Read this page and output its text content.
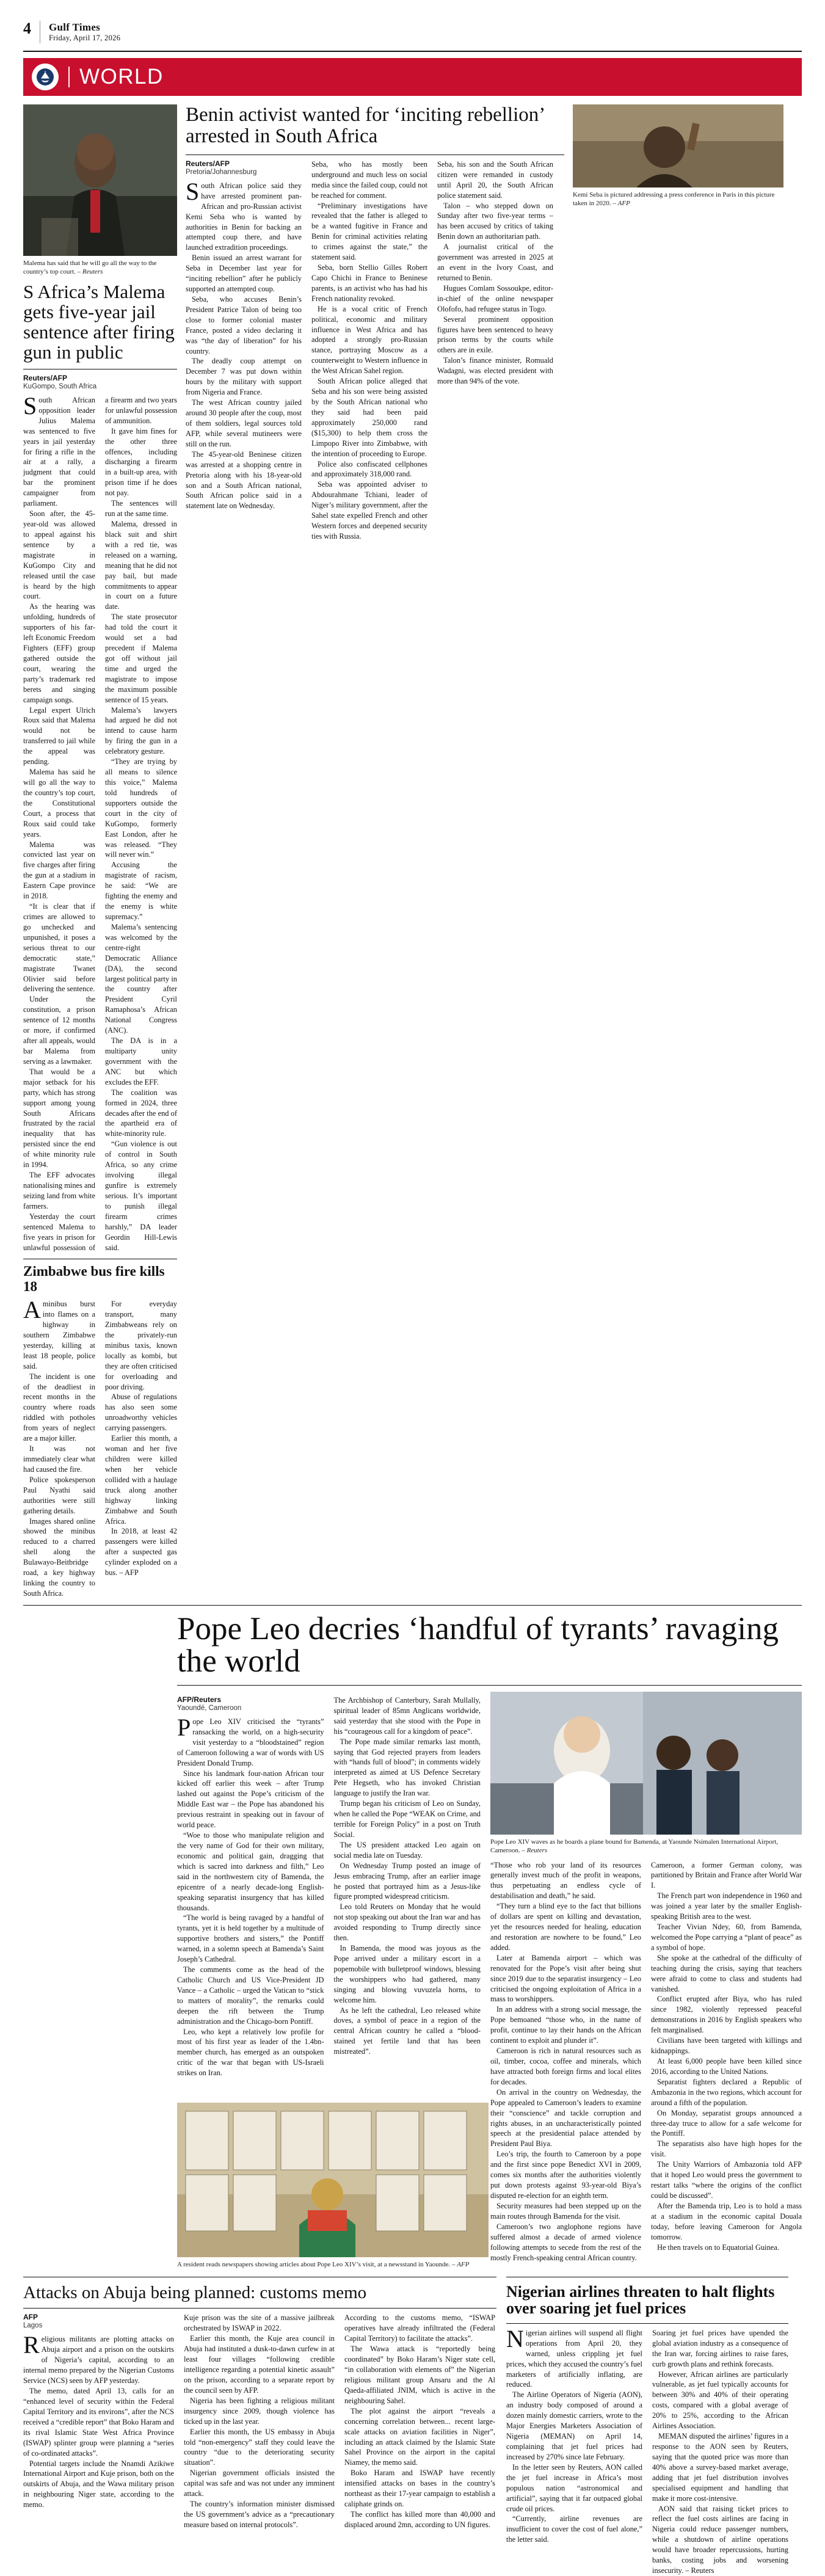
4	Gulf Times
Friday, April 17, 2026
WORLD
Malema has said that he will go all the way to the country’s top court. – Reuters
S Africa’s Malema gets five-year jail sentence after firing gun in public
Reuters/AFP
KuGompo, South Africa

South African opposition leader Julius Malema was sentenced to five years in jail yesterday for firing a rifle in the air at a rally, a judgment that could bar the prominent campaigner from parliament.

Soon after, the 45-year-old was allowed to appeal against his sentence by a magistrate in KuGompo City and released until the case is heard by the high court.

As the hearing was unfolding, hundreds of supporters of his far-left Economic Freedom Fighters (EFF) group gathered outside the court, wearing the party’s trademark red berets and singing campaign songs.

Legal expert Ulrich Roux said that Malema would not be transferred to jail while the appeal was pending.

Malema has said he will go all the way to the country’s top court, the Constitutional Court, a process that Roux said could take years.

Malema was convicted last year on five charges after firing the gun at a stadium in Eastern Cape province in 2018.

“It is clear that if crimes are allowed to go unchecked and unpunished, it poses a serious threat to our democratic state,” magistrate Twanet Olivier said before delivering the sentence.

Under the constitution, a prison sentence of 12 months or more, if confirmed after all appeals, would bar Malema from serving as a lawmaker.

That would be a major setback for his party, which has strong support among young South Africans frustrated by the racial inequality that has persisted since the end of white minority rule in 1994.

The EFF advocates nationalising mines and seizing land from white farmers.

Yesterday the court sentenced Malema to five years in prison for unlawful possession of a firearm and two years for unlawful possession of ammunition.

It gave him fines for the other three offences, including discharging a firearm in a built-up area, with prison time if he does not pay.

The sentences will run at the same time.

Malema, dressed in black suit and shirt with a red tie, was released on a warning, meaning that he did not pay bail, but made commitments to appear in court on a future date.

The state prosecutor had told the court it would set a bad precedent if Malema got off without jail time and urged the magistrate to impose the maximum possible sentence of 15 years.

Malema’s lawyers had argued he did not intend to cause harm by firing the gun in a celebratory gesture.

“They are trying by all means to silence this voice,” Malema told hundreds of supporters outside the court in the city of KuGompo, formerly East London, after he was released. “They will never win.”

Accusing the magistrate of racism, he said: “We are fighting the enemy and the enemy is white supremacy.”

Malema’s sentencing was welcomed by the centre-right Democratic Alliance (DA), the second largest political party in the country after President Cyril Ramaphosa’s African National Congress (ANC).

The DA is in a multiparty unity government with the ANC but which excludes the EFF.

The coalition was formed in 2024, three decades after the end of the apartheid era of white-minority rule.

“Gun violence is out of control in South Africa, so any crime involving illegal gunfire is extremely serious. It’s important to punish illegal firearm crimes harshly,” DA leader Geordin Hill-Lewis said.

Zimbabwe bus fire kills 18

Aminibus burst into flames on a highway in southern Zimbabwe yesterday, killing at least 18 people, police said.

The incident is one of the deadliest in recent months in the country where roads riddled with potholes from years of neglect are a major killer.

It was not immediately clear what had caused the fire.

Police spokesperson Paul Nyathi said authorities were still gathering details.

Images shared online showed the minibus reduced to a charred shell along the Bulawayo-Beitbridge road, a key highway linking the country to South Africa.

For everyday transport, many Zimbabweans rely on the privately-run minibus taxis, known locally as kombi, but they are often criticised for overloading and poor driving.

Abuse of regulations has also seen some unroadworthy vehicles carrying passengers.

Earlier this month, a woman and her five children were killed when her vehicle collided with a haulage truck along another highway linking Zimbabwe and South Africa.

In 2018, at least 42 passengers were killed after a suspected gas cylinder exploded on a bus. – AFP

Benin activist wanted for ‘inciting rebellion’ arrested in South Africa
Reuters/AFP
Pretoria/Johannesburg

South African police said they have arrested prominent pan-African and pro-Russian activist Kemi Seba who is wanted by authorities in Benin for backing an attempted coup there, and have launched extradition proceedings.

Benin issued an arrest warrant for Seba in December last year for “inciting rebellion” after he publicly supported an attempted coup.

Seba, who accuses Benin’s President Patrice Talon of being too close to former colonial master France, posted a video declaring it was “the day of liberation” for his country.

The deadly coup attempt on December 7 was put down within hours by the military with support from Nigeria and France.

The west African country jailed around 30 people after the coup, most of them soldiers, legal sources told AFP, while several mutineers were still on the run.

The 45-year-old Beninese citizen was arrested at a shopping centre in Pretoria along with his 18-year-old son and a South African national, South African police said in a statement late on Wednesday.

Seba, who has mostly been underground and much less on social media since the failed coup, could not be reached for comment.

“Preliminary investigations have revealed that the father is alleged to be a wanted fugitive in France and Benin for criminal activities relating to crimes against the state,” the statement said.

Seba, born Stellio Gilles Robert Capo Chichi in France to Beninese parents, is an activist who has had his French nationality revoked.

He is a vocal critic of French political, economic and military influence in West Africa and has adopted a strongly pro-Russian stance, portraying Moscow as a counterweight to Western influence in the West African Sahel region.

South African police alleged that Seba and his son were being assisted by the South African national who they said had been paid approximately 250,000 rand ($15,300) to help them cross the Limpopo River into Zimbabwe, with the intention of proceeding to Europe.

Police also confiscated cellphones and approximately 318,000 rand.

Seba was appointed adviser to Abdourahmane Tchiani, leader of Niger’s military government, after the Sahel state expelled French and other Western forces and deepened security ties with Russia.

Seba, his son and the South African citizen were remanded in custody until April 20, the South African police statement said.

Talon – who stepped down on Sunday after two five-year terms – has been accused by critics of taking Benin down an authoritarian path.

A journalist critical of the government was arrested in 2025 at an event in the Ivory Coast, and returned to Benin.

Hugues Comlam Sossoukpe, editor-in-chief of the online newspaper Olofofo, had refugee status in Togo.

Several prominent opposition figures have been sentenced to heavy prison terms by the courts while others are in exile.

Talon’s finance minister, Romuald Wadagni, was elected president with more than 94% of the vote.

Kemi Seba is pictured addressing a press conference in Paris in this picture taken in 2020. – AFP
Pope Leo decries ‘handful of tyrants’ ravaging the world
AFP/Reuters
Yaoundé, Cameroon

Pope Leo XIV criticised the “tyrants” ransacking the world, on a high-security visit yesterday to a “bloodstained” region of Cameroon following a war of words with US President Donald Trump.

Since his landmark four-nation African tour kicked off earlier this week – after Trump lashed out against the Pope’s criticism of the Middle East war – the Pope has abandoned his previous restraint in speaking out in favour of world peace.

“Woe to those who manipulate religion and the very name of God for their own military, economic and political gain, dragging that which is sacred into darkness and filth,” Leo said in the northwestern city of Bamenda, the epicentre of a nearly decade-long English-speaking separatist insurgency that has killed thousands.

“The world is being ravaged by a handful of tyrants, yet it is held together by a multitude of supportive brothers and sisters,” the Pontiff warned, in a solemn speech at Bamenda’s Saint Joseph’s Cathedral.

The comments come as the head of the Catholic Church and US Vice-President JD Vance – a Catholic – urged the Vatican to “stick to matters of morality”, the remarks could deepen the rift between the Trump administration and the Chicago-born Pontiff.

Leo, who kept a relatively low profile for most of his first year as leader of the 1.4bn-member church, has emerged as an outspoken critic of the war that began with US-Israeli strikes on Iran.

The Archbishop of Canterbury, Sarah Mullally, spiritual leader of 85mn Anglicans worldwide, said yesterday that she stood with the Pope in his “courageous call for a kingdom of peace”.

The Pope made similar remarks last month, saying that God rejected prayers from leaders with “hands full of blood”; in comments widely interpreted as aimed at US Defence Secretary Pete Hegseth, who has invoked Christian language to justify the Iran war.

Trump began his criticism of Leo on Sunday, when he called the Pope “WEAK on Crime, and terrible for Foreign Policy” in a post on Truth Social.

The US president attacked Leo again on social media late on Tuesday.

On Wednesday Trump posted an image of Jesus embracing Trump, after an earlier image he posted that portrayed him as a Jesus-like figure prompted widespread criticism.

Leo told Reuters on Monday that he would not stop speaking out about the Iran war and has avoided responding to Trump directly since then.

In Bamenda, the mood was joyous as the Pope arrived under a military escort in a popemobile with bulletproof windows, blessing the worshippers who had gathered, many singing and blowing vuvuzela horns, to welcome him.

As he left the cathedral, Leo released white doves, a symbol of peace in a region of the central African country he called a “blood-stained yet fertile land that has been mistreated”.

Pope Leo XIV waves as he boards a plane bound for Bamenda, at Yaounde Nsimalen International Airport, Cameroon. – Reuters

“Those who rob your land of its resources generally invest much of the profit in weapons, thus perpetuating an endless cycle of destabilisation and death,” he said.

“They turn a blind eye to the fact that billions of dollars are spent on killing and devastation, yet the resources needed for healing, education and restoration are nowhere to be found,” Leo added.

Later at Bamenda airport – which was renovated for the Pope’s visit after being shut since 2019 due to the separatist insurgency – Leo criticised the ongoing exploitation of Africa in a mass to worshippers.

In an address with a strong social message, the Pope bemoaned “those who, in the name of profit, continue to lay their hands on the African continent to exploit and plunder it”.

Cameroon is rich in natural resources such as oil, timber, cocoa, coffee and minerals, which have attracted both foreign firms and local elites for decades.

On arrival in the country on Wednesday, the Pope appealed to Cameroon’s leaders to examine their “conscience” and tackle corruption and rights abuses, in an uncharacteristically pointed speech at the presidential palace attended by President Paul Biya.

Leo’s trip, the fourth to Cameroon by a pope and the first since pope Benedict XVI in 2009, comes six months after the authorities violently put down protests against 93-year-old Biya’s disputed re-election for an eighth term.

Security measures had been stepped up on the main routes through Bamenda for the visit.

Cameroon’s two anglophone regions have suffered almost a decade of armed violence following attempts to secede from the rest of the mostly French-speaking central African country.

Cameroon, a former German colony, was partitioned by Britain and France after World War I.

The French part won independence in 1960 and was joined a year later by the smaller English-speaking British area to the west.

Teacher Vivian Ndey, 60, from Bamenda, welcomed the Pope carrying a “plant of peace” as a symbol of hope.

She spoke at the cathedral of the difficulty of teaching during the crisis, saying that teachers were afraid to come to class and students had vanished.

Conflict erupted after Biya, who has ruled since 1982, violently repressed peaceful demonstrations in 2016 by English speakers who felt marginalised.

Civilians have been targeted with killings and kidnappings.

At least 6,000 people have been killed since 2016, according to the United Nations.

Separatist fighters declared a Republic of Ambazonia in the two regions, which account for around a fifth of the population.

On Monday, separatist groups announced a three-day truce to allow for a safe welcome for the Pontiff.

The separatists also have high hopes for the visit.

The Unity Warriors of Ambazonia told AFP that it hoped Leo would press the government to restart talks “where the origins of the conflict could be discussed”.

After the Bamenda trip, Leo is to hold a mass at a stadium in the economic capital Douala today, before leaving Cameroon for Angola tomorrow.

He then travels on to Equatorial Guinea.

A resident reads newspapers showing articles about Pope Leo XIV’s visit, at a newsstand in Yaounde. – AFP
Attacks on Abuja being planned: customs memo
AFP
Lagos

Religious militants are plotting attacks on Abuja airport and a prison on the outskirts of Nigeria’s capital, according to an internal memo prepared by the Nigerian Customs Service (NCS) seen by AFP yesterday.

The memo, dated April 13, calls for an “enhanced level of security within the Federal Capital Territory and its environs”, after the NCS received a “credible report” that Boko Haram and its rival Islamic State West Africa Province (ISWAP) splinter group were planning a “series of co-ordinated attacks”.

Potential targets include the Nnamdi Azikiwe International Airport and Kuje prison, both on the outskirts of Abuja, and the Wawa military prison in neighbouring Niger state, according to the memo.

Kuje prison was the site of a massive jailbreak orchestrated by ISWAP in 2022.

Earlier this month, the Kuje area council in Abuja had instituted a dusk-to-dawn curfew in at least four villages “following credible intelligence regarding a potential kinetic assault” on the prison, according to a separate report by the council seen by AFP.

Nigeria has been fighting a religious militant insurgency since 2009, though violence has ticked up in the last year.

Earlier this month, the US embassy in Abuja told “non-emergency” staff they could leave the country “due to the deteriorating security situation”.

Nigerian government officials insisted the capital was safe and was not under any imminent attack.

The country’s information minister dismissed the US government’s advice as a “precautionary measure based on internal protocols”.

According to the customs memo, “ISWAP operatives have already infiltrated the (Federal Capital Territory) to facilitate the attacks”.

The Wawa attack is “reportedly being coordinated” by Boko Haram’s Niger state cell, “in collaboration with elements of” the Nigerian religious militant group Ansaru and the Al Qaeda-affiliated JNIM, which is active in the neighbouring Sahel.

The plot against the airport “reveals a concerning correlation between... recent large-scale attacks on aviation facilities in Niger”, including an attack claimed by the Islamic State Sahel Province on the airport in the capital Niamey, the memo said.

Boko Haram and ISWAP have recently intensified attacks on bases in the country’s northeast as their 17-year campaign to establish a caliphate grinds on.

The conflict has killed more than 40,000 and displaced around 2mn, according to UN figures.

Nigerian airlines threaten to halt flights over soaring jet fuel prices

Nigerian airlines will suspend all flight operations from April 20, they warned, unless crippling jet fuel prices, which they accused the country’s fuel marketers of artificially inflating, are reduced.

The Airline Operators of Nigeria (AON), an industry body composed of around a dozen mainly domestic carriers, wrote to the Major Energies Marketers Association of Nigeria (MEMAN) on April 14, complaining that jet fuel prices had increased by 270% since late February.

In the letter seen by Reuters, AON called the jet fuel increase in Africa’s most populous nation “astronomical and artificial”, saying that it far outpaced global crude oil prices.

“Currently, airline revenues are insufficient to cover the cost of fuel alone,” the letter said.

Soaring jet fuel prices have upended the global aviation industry as a consequence of the Iran war, forcing airlines to raise fares, curb growth plans and rethink forecasts.

However, African airlines are particularly vulnerable, as jet fuel typically accounts for between 30% and 40% of their operating costs, compared with a global average of 20% to 25%, according to the African Airlines Association.

MEMAN disputed the airlines’ figures in a response to the AON seen by Reuters, saying that the quoted price was more than 40% above a survey-based market average, adding that jet fuel distribution involves specialised equipment and handling that make it more cost-intensive.

AON said that raising ticket prices to reflect the fuel costs airlines are facing in Nigeria could reduce passenger numbers, while a shutdown of airline operations would have broader repercussions, hurting banks, costing jobs and worsening insecurity. – Reuters
